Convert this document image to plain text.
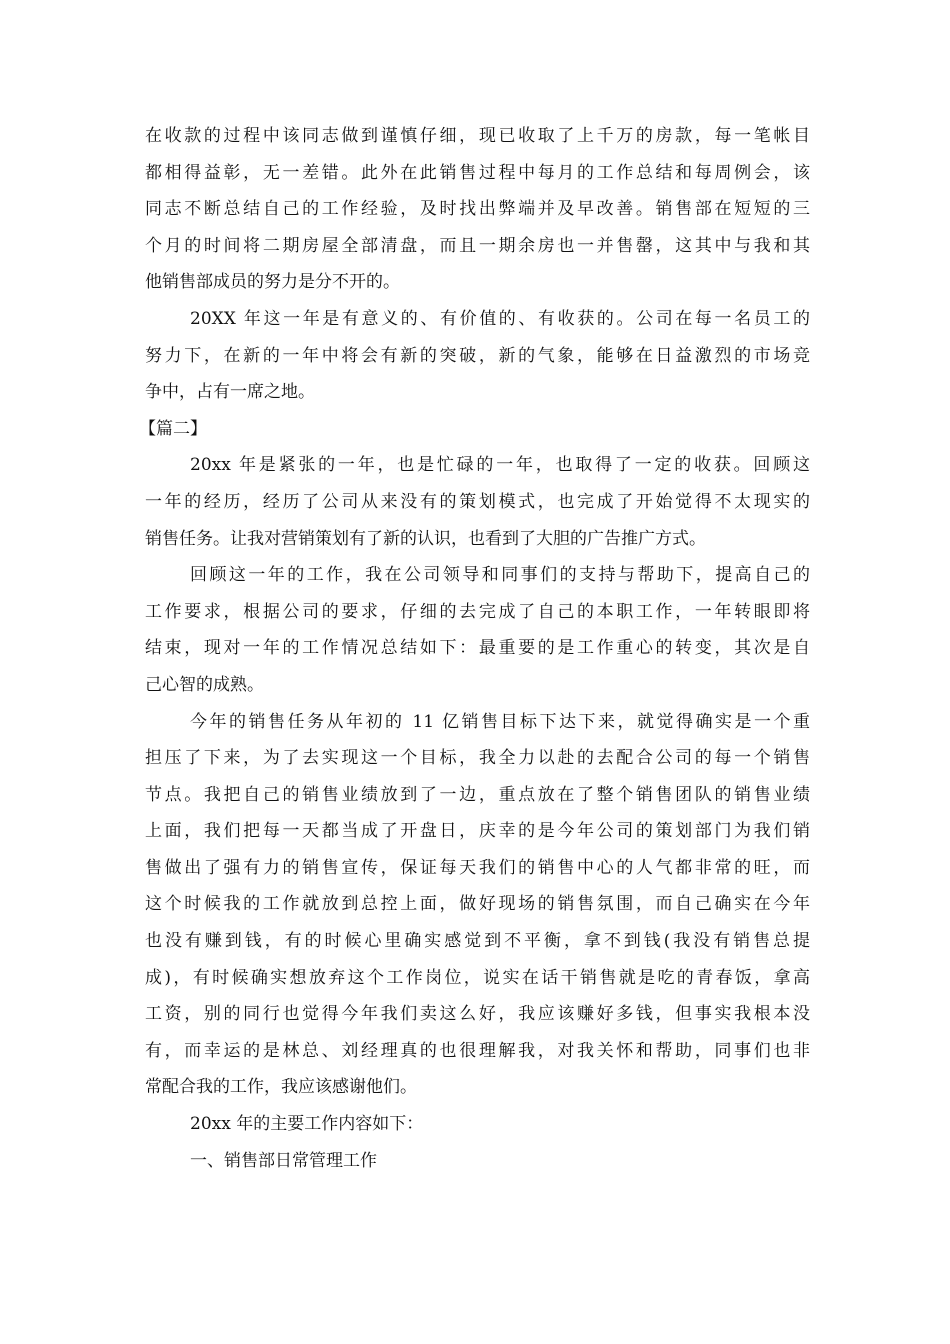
在收款的过程中该同志做到谨慎仔细，现已收取了上千万的房款，每一笔帐目
都相得益彰，无一差错。此外在此销售过程中每月的工作总结和每周例会，该
同志不断总结自己的工作经验，及时找出弊端并及早改善。销售部在短短的三
个月的时间将二期房屋全部清盘，而且一期余房也一并售罄，这其中与我和其
他销售部成员的努力是分不开的。
20XX 年这一年是有意义的、有价值的、有收获的。公司在每一名员工的
努力下，在新的一年中将会有新的突破，新的气象，能够在日益激烈的市场竞
争中，占有一席之地。
【篇二】
20xx 年是紧张的一年，也是忙碌的一年，也取得了一定的收获。回顾这
一年的经历，经历了公司从来没有的策划模式，也完成了开始觉得不太现实的
销售任务。让我对营销策划有了新的认识，也看到了大胆的广告推广方式。
回顾这一年的工作，我在公司领导和同事们的支持与帮助下，提高自己的
工作要求，根据公司的要求，仔细的去完成了自己的本职工作，一年转眼即将
结束，现对一年的工作情况总结如下：最重要的是工作重心的转变，其次是自
己心智的成熟。
今年的销售任务从年初的 11 亿销售目标下达下来，就觉得确实是一个重
担压了下来，为了去实现这一个目标，我全力以赴的去配合公司的每一个销售
节点。我把自己的销售业绩放到了一边，重点放在了整个销售团队的销售业绩
上面，我们把每一天都当成了开盘日，庆幸的是今年公司的策划部门为我们销
售做出了强有力的销售宣传，保证每天我们的销售中心的人气都非常的旺，而
这个时候我的工作就放到总控上面，做好现场的销售氛围，而自己确实在今年
也没有赚到钱，有的时候心里确实感觉到不平衡，拿不到钱(我没有销售总提
成)，有时候确实想放弃这个工作岗位，说实在话干销售就是吃的青春饭，拿高
工资，别的同行也觉得今年我们卖这么好，我应该赚好多钱，但事实我根本没
有，而幸运的是林总、刘经理真的也很理解我，对我关怀和帮助，同事们也非
常配合我的工作，我应该感谢他们。
20xx 年的主要工作内容如下：
一、销售部日常管理工作
